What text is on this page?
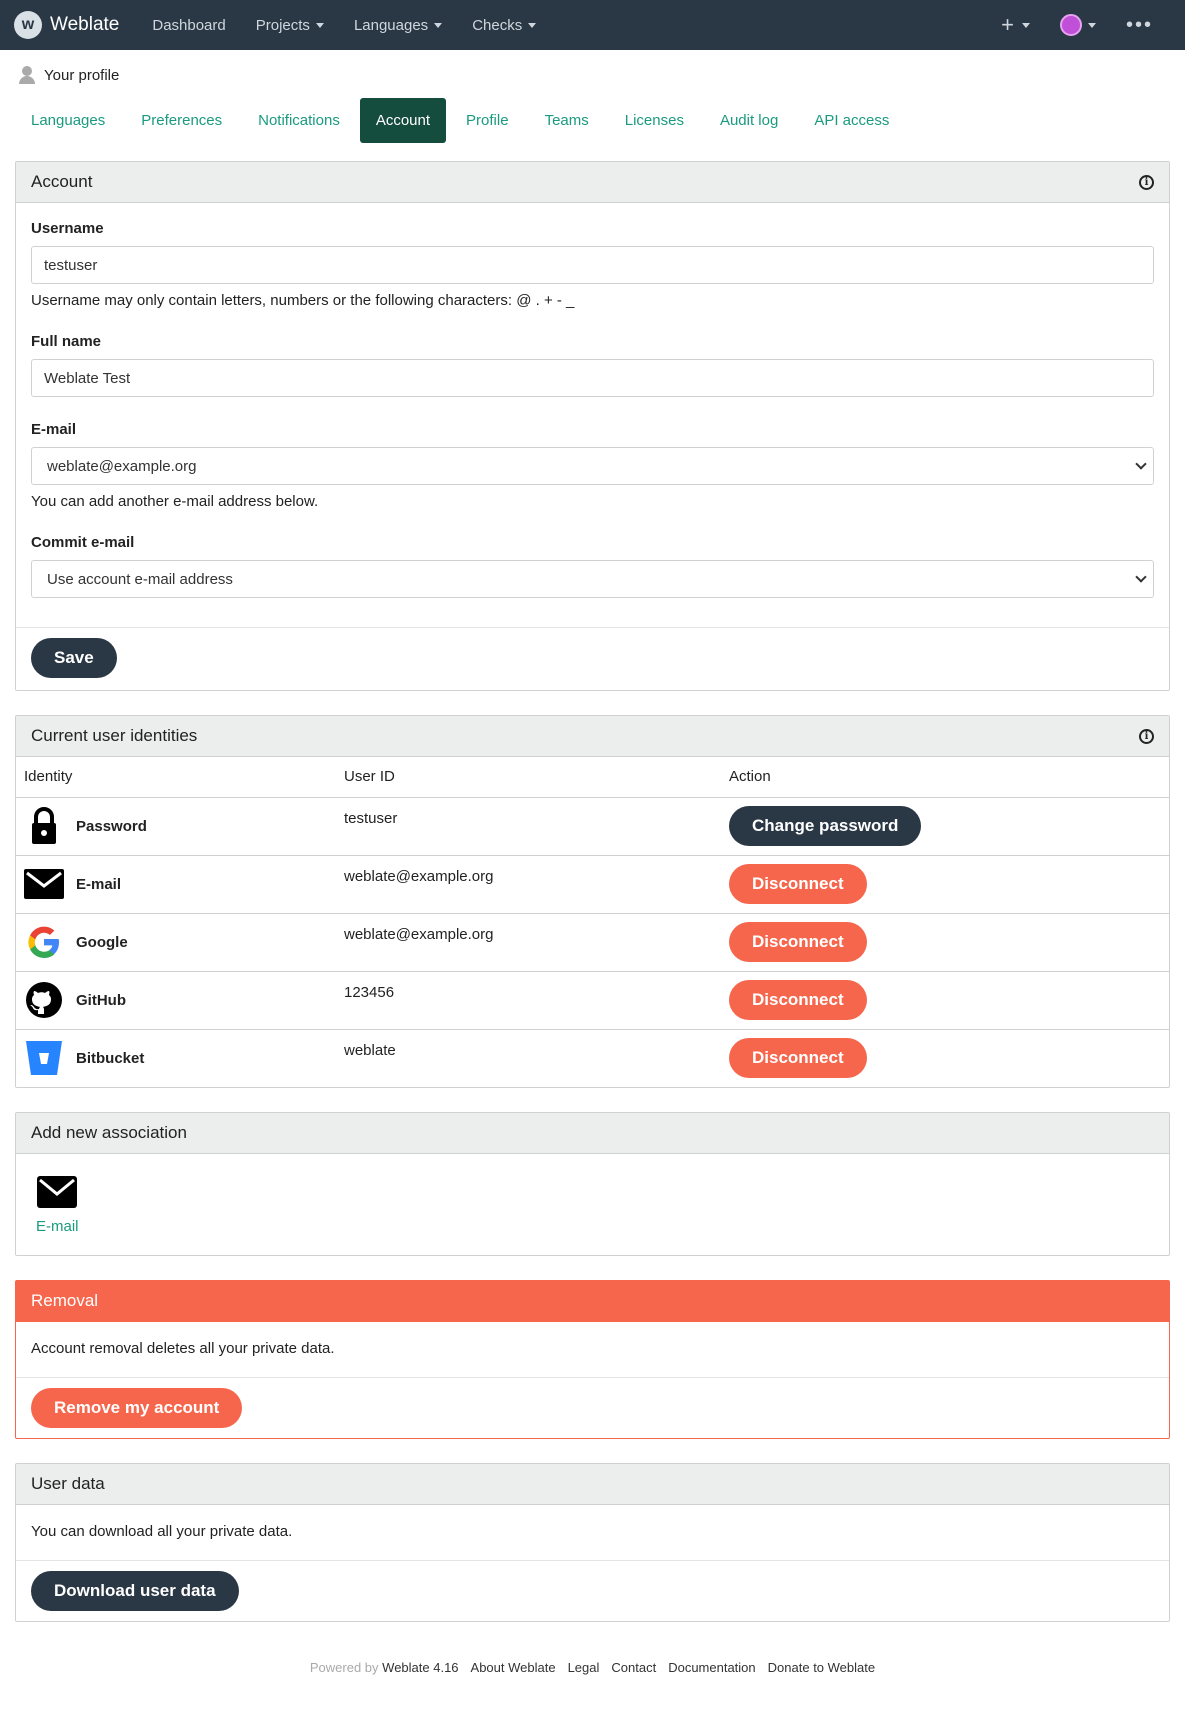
w Weblate Dashboard Projects	Languages	Checks	+	•••
Your profile
Languages	Preferences	Notifications	Account	Profile	Teams	Licenses	Audit log	API access
Account	i
Username
testuser

Username may only contain letters, numbers or the following characters: @ . + - _

Full name
Weblate Test
E-mail
weblate@example.org

You can add another e-mail address below.

Commit e-mail
Use account e-mail address
Save
Current user identities	i
Identity	User ID	Action

Password	testuser	Change password

E-mail	weblate@example.org	Disconnect

Google	weblate@example.org	Disconnect

GitHub	123456	Disconnect

Bitbucket	weblate	Disconnect
Add new association
E-mail
Removal
Account removal deletes all your private data.
Remove my account
User data
You can download all your private data.
Download user data
Powered by Weblate 4.16 About Weblate Legal Contact Documentation Donate to Weblate
